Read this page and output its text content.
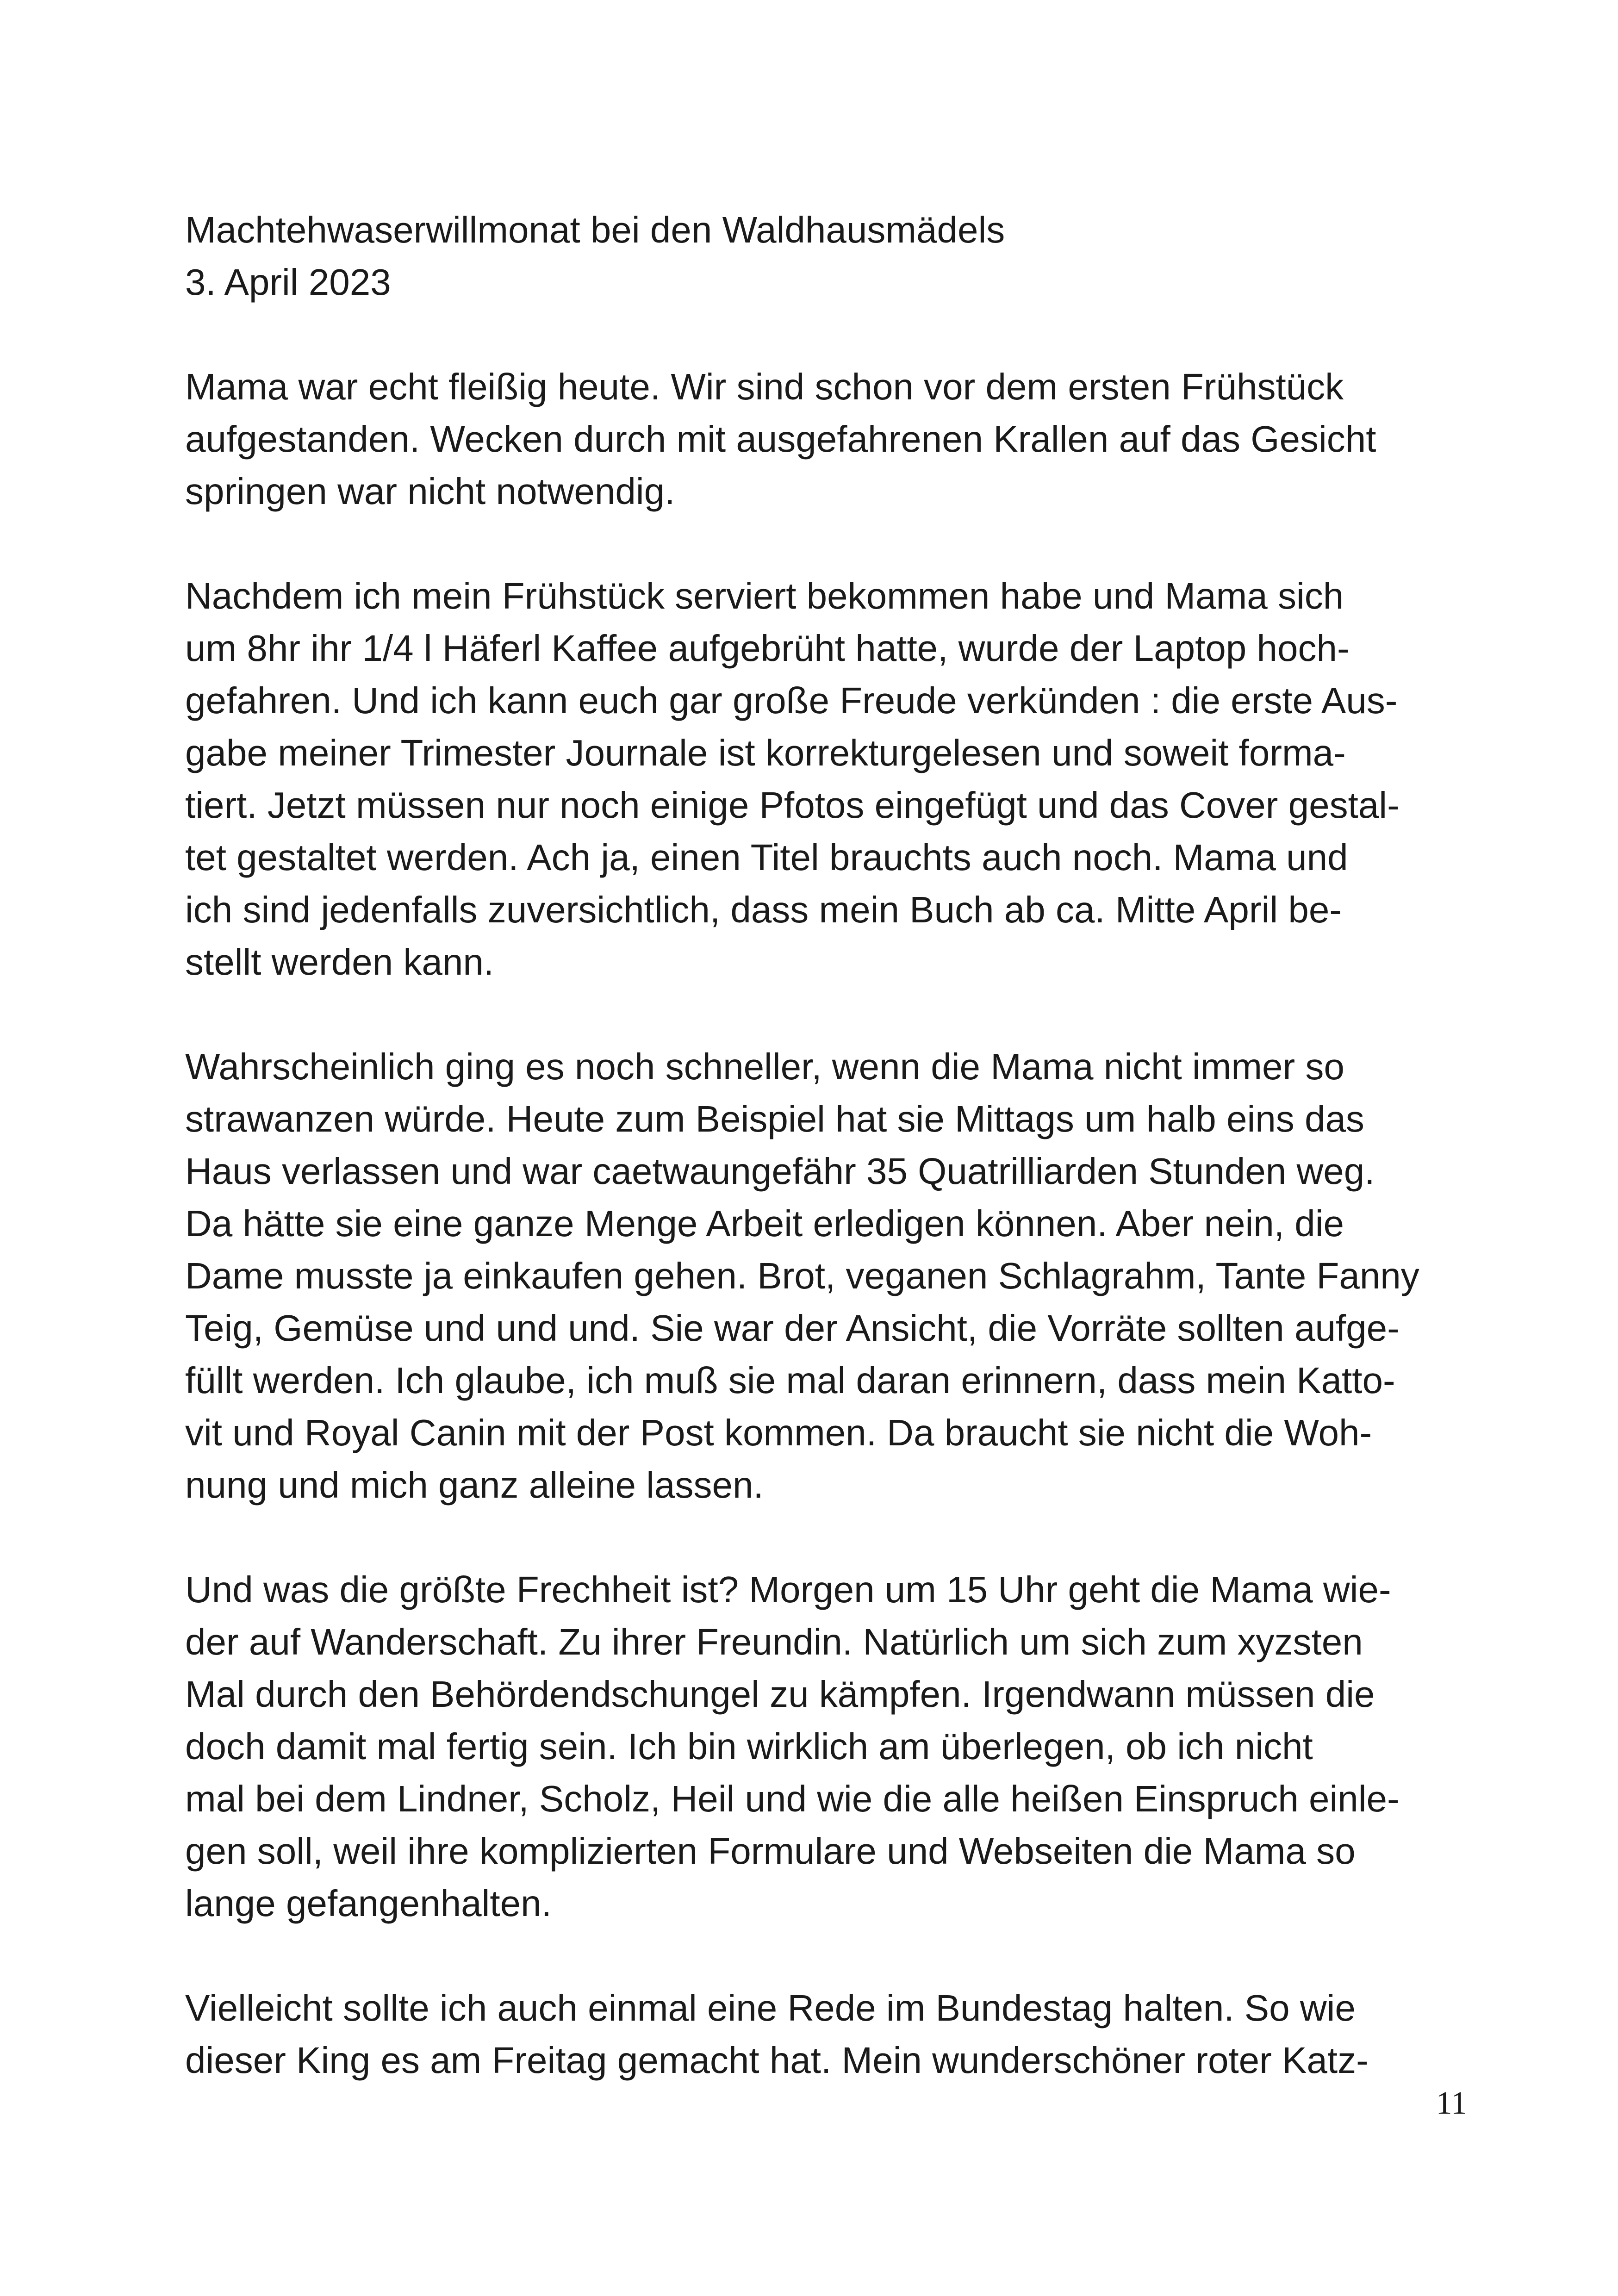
Machtehwaserwillmonat bei den Waldhausmädels
3. April 2023
Mama war echt fleißig heute. Wir sind schon vor dem ersten Frühstück
aufgestanden. Wecken durch mit ausgefahrenen Krallen auf das Gesicht
springen war nicht notwendig.
Nachdem ich mein Frühstück serviert bekommen habe und Mama sich
um 8hr ihr 1/4 l Häferl Kaffee aufgebrüht hatte, wurde der Laptop hoch-
gefahren. Und ich kann euch gar große Freude verkünden : die erste Aus-
gabe meiner Trimester Journale ist korrekturgelesen und soweit forma-
tiert. Jetzt müssen nur noch einige Pfotos eingefügt und das Cover gestal-
tet gestaltet werden. Ach ja, einen Titel brauchts auch noch. Mama und
ich sind jedenfalls zuversichtlich, dass mein Buch ab ca. Mitte April be-
stellt werden kann.
Wahrscheinlich ging es noch schneller, wenn die Mama nicht immer so
strawanzen würde. Heute zum Beispiel hat sie Mittags um halb eins das
Haus verlassen und war caetwaungefähr 35 Quatrilliarden Stunden weg.
Da hätte sie eine ganze Menge Arbeit erledigen können. Aber nein, die
Dame musste ja einkaufen gehen. Brot, veganen Schlagrahm, Tante Fanny
Teig, Gemüse und und und. Sie war der Ansicht, die Vorräte sollten aufge-
füllt werden. Ich glaube, ich muß sie mal daran erinnern, dass mein Katto-
vit und Royal Canin mit der Post kommen. Da braucht sie nicht die Woh-
nung und mich ganz alleine lassen.
Und was die größte Frechheit ist? Morgen um 15 Uhr geht die Mama wie-
der auf Wanderschaft. Zu ihrer Freundin. Natürlich um sich zum xyzsten
Mal durch den Behördendschungel zu kämpfen. Irgendwann müssen die
doch damit mal fertig sein. Ich bin wirklich am überlegen, ob ich nicht
mal bei dem Lindner, Scholz, Heil und wie die alle heißen Einspruch einle-
gen soll, weil ihre komplizierten Formulare und Webseiten die Mama so
lange gefangenhalten.
Vielleicht sollte ich auch einmal eine Rede im Bundestag halten. So wie
dieser King es am Freitag gemacht hat. Mein wunderschöner roter Katz-
11
